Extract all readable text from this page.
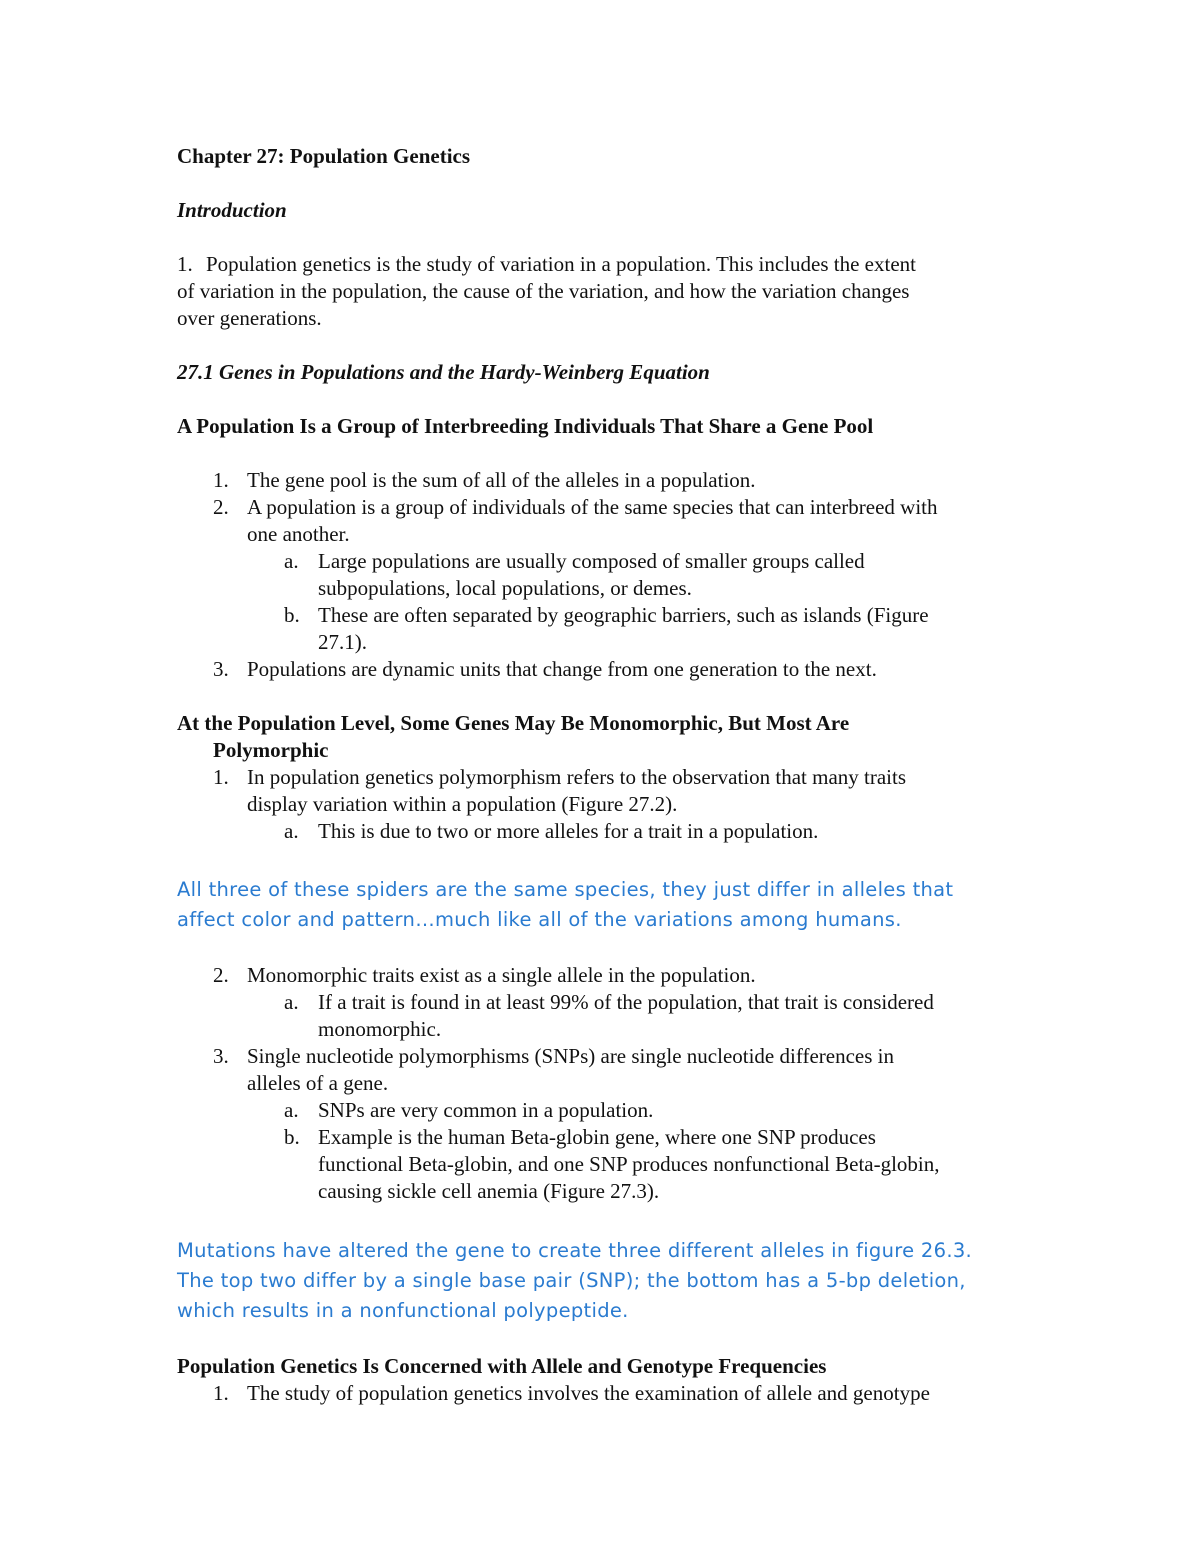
Chapter 27: Population Genetics
Introduction
1. Population genetics is the study of variation in a population. This includes the extent
of variation in the population, the cause of the variation, and how the variation changes
over generations.
27.1 Genes in Populations and the Hardy-Weinberg Equation
A Population Is a Group of Interbreeding Individuals That Share a Gene Pool
1. The gene pool is the sum of all of the alleles in a population.
2. A population is a group of individuals of the same species that can interbreed with
one another.
a. Large populations are usually composed of smaller groups called
subpopulations, local populations, or demes.
b. These are often separated by geographic barriers, such as islands (Figure
27.1).
3. Populations are dynamic units that change from one generation to the next.
At the Population Level, Some Genes May Be Monomorphic, But Most Are
Polymorphic
1. In population genetics polymorphism refers to the observation that many traits
display variation within a population (Figure 27.2).
a. This is due to two or more alleles for a trait in a population.
All three of these spiders are the same species, they just differ in alleles that
affect color and pattern…much like all of the variations among humans.
2. Monomorphic traits exist as a single allele in the population.
a. If a trait is found in at least 99% of the population, that trait is considered
monomorphic.
3. Single nucleotide polymorphisms (SNPs) are single nucleotide differences in
alleles of a gene.
a. SNPs are very common in a population.
b. Example is the human Beta-globin gene, where one SNP produces
functional Beta-globin, and one SNP produces nonfunctional Beta-globin,
causing sickle cell anemia (Figure 27.3).
Mutations have altered the gene to create three different alleles in figure 26.3.
The top two differ by a single base pair (SNP); the bottom has a 5-bp deletion,
which results in a nonfunctional polypeptide.
Population Genetics Is Concerned with Allele and Genotype Frequencies
1. The study of population genetics involves the examination of allele and genotype
